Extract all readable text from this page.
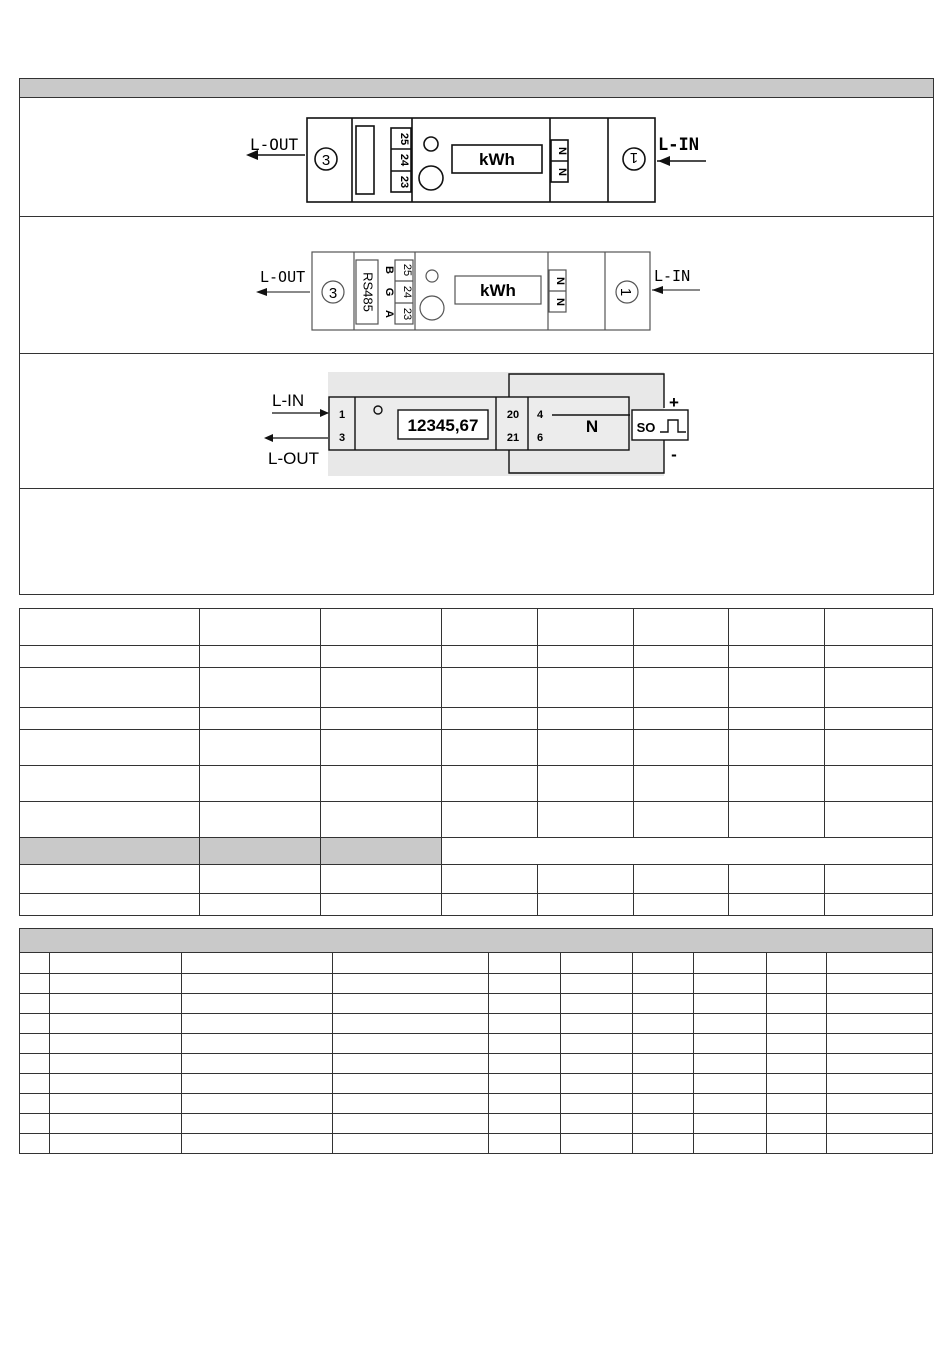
L-OUT	L-IN
3	1
25
24
23
kWh	N
N
L-OUT	L-IN
3	1
RS485
B
G
A
25
24
23
kWh	N
N
L-IN
L-OUT
1
3
12345,67
20
21
4
6
N	SO
+
-
